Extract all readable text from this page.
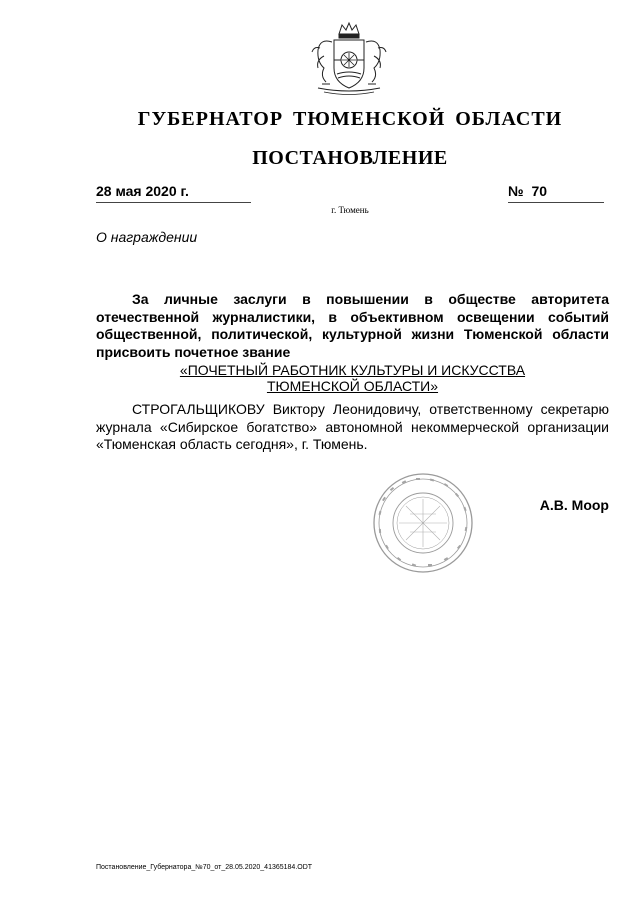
ГУБЕРНАТОР ТЮМЕНСКОЙ ОБЛАСТИ
ПОСТАНОВЛЕНИЕ
28 мая 2020 г.	№ 70
г. Тюмень
О награждении
За личные заслуги в повышении в обществе авторитета отечественной журналистики, в объективном освещении событий общественной, политической, культурной жизни Тюменской области присвоить почетное звание
«ПОЧЕТНЫЙ РАБОТНИК КУЛЬТУРЫ И ИСКУССТВА
ТЮМЕНСКОЙ ОБЛАСТИ»
СТРОГАЛЬЩИКОВУ Виктору Леонидовичу, ответственному секретарю журнала «Сибирское богатство» автономной некоммерческой организации «Тюменская область сегодня», г. Тюмень.
А.В. Моор
Постановление_Губернатора_№70_от_28.05.2020_41365184.ODT
